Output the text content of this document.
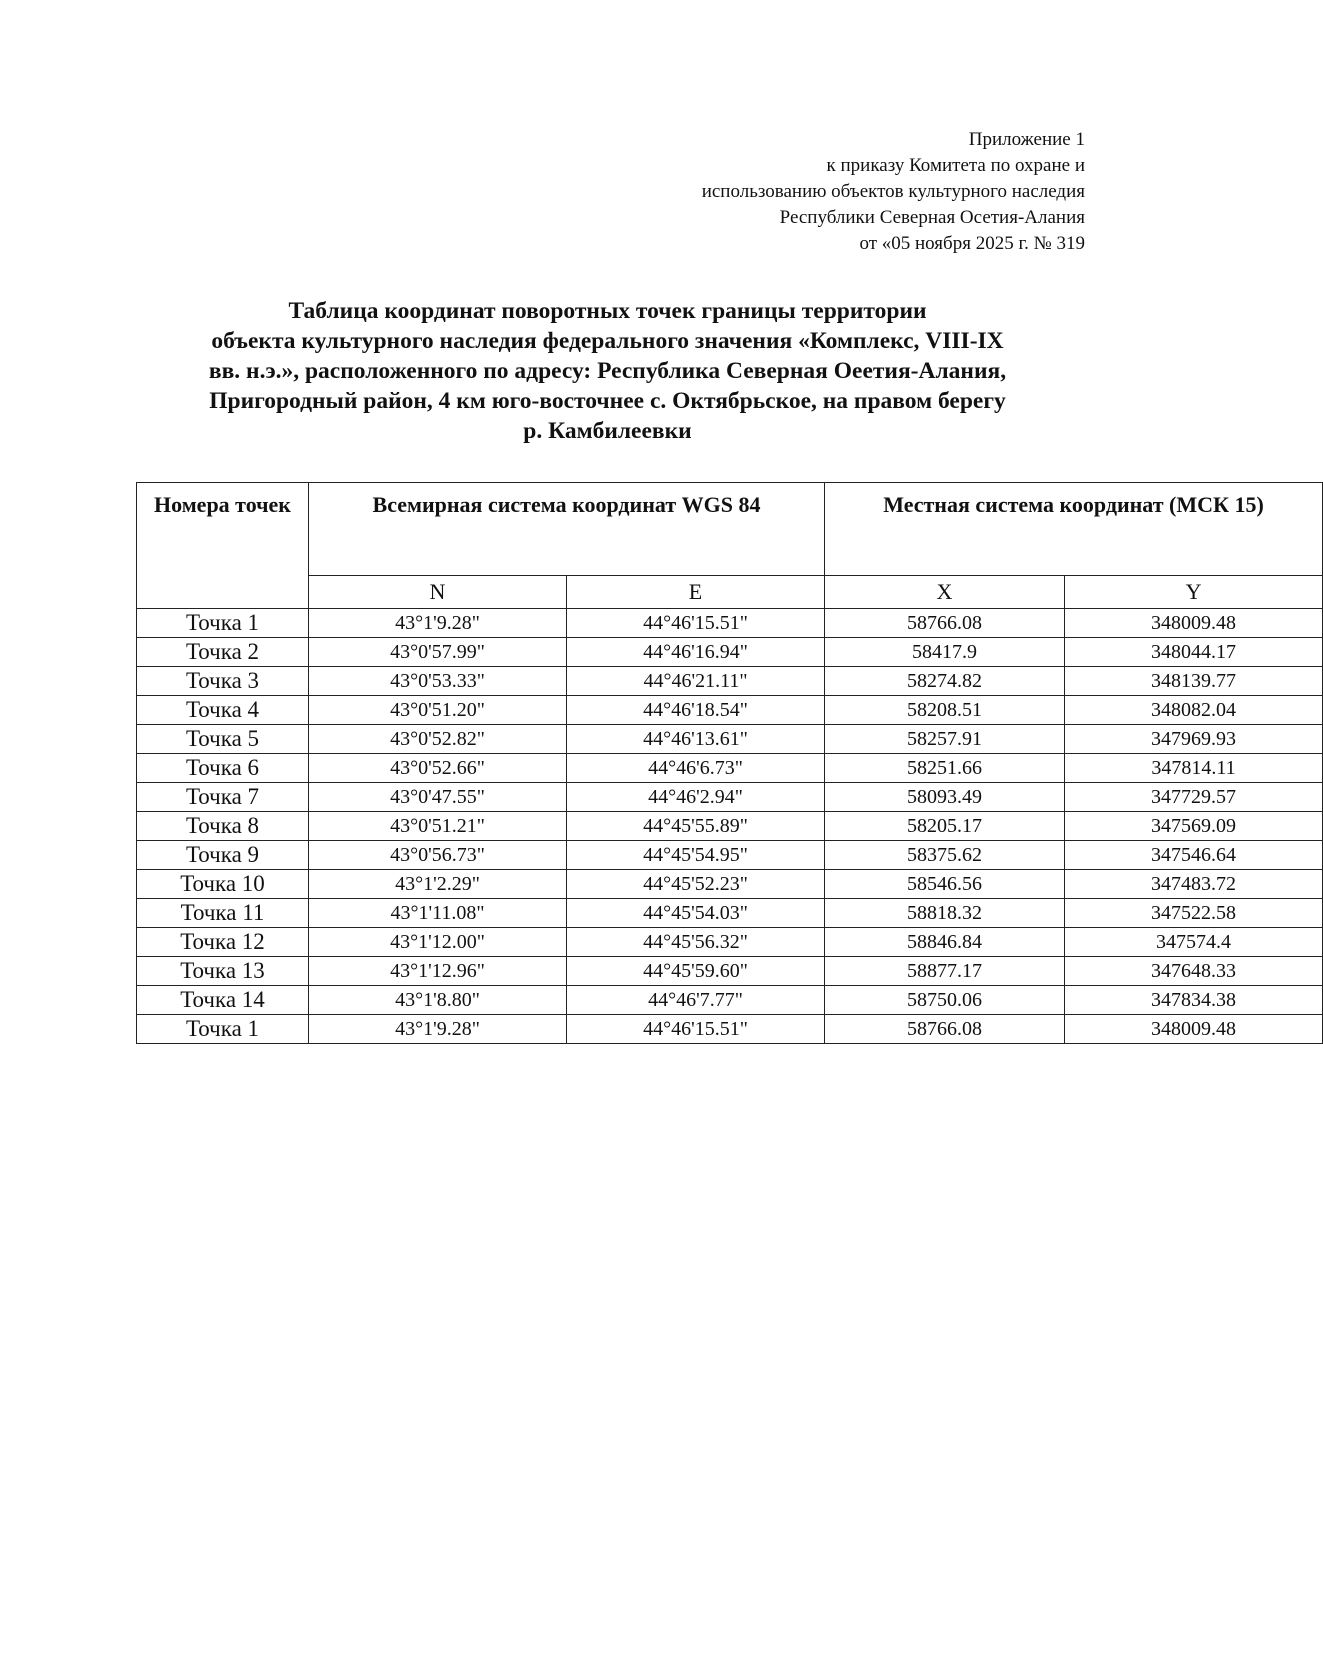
Приложение 1
к приказу Комитета по охране и
использованию объектов культурного наследия
Республики Северная Осетия-Алания
от «05 ноября 2025 г. № 319
Таблица координат поворотных точек границы территории
объекта культурного наследия федерального значения «Комплекс, VIII-IX
вв. н.э.», расположенного по адресу: Республика Северная Оеетия-Алания,
Пригородный район, 4 км юго-восточнее с. Октябрьское, на правом берегу
р. Камбилеевки
Номера точек	Всемирная система координат WGS 84		Местная система координат (МСК 15)	
	N	E	X	Y
Точка 1	43°1'9.28"	44°46'15.51"	58766.08	348009.48
Точка 2	43°0'57.99"	44°46'16.94"	58417.9	348044.17
Точка 3	43°0'53.33"	44°46'21.11"	58274.82	348139.77
Точка 4	43°0'51.20"	44°46'18.54"	58208.51	348082.04
Точка 5	43°0'52.82"	44°46'13.61"	58257.91	347969.93
Точка 6	43°0'52.66"	44°46'6.73"	58251.66	347814.11
Точка 7	43°0'47.55"	44°46'2.94"	58093.49	347729.57
Точка 8	43°0'51.21"	44°45'55.89"	58205.17	347569.09
Точка 9	43°0'56.73"	44°45'54.95"	58375.62	347546.64
Точка 10	43°1'2.29"	44°45'52.23"	58546.56	347483.72
Точка 11	43°1'11.08"	44°45'54.03"	58818.32	347522.58
Точка 12	43°1'12.00"	44°45'56.32"	58846.84	347574.4
Точка 13	43°1'12.96"	44°45'59.60"	58877.17	347648.33
Точка 14	43°1'8.80"	44°46'7.77"	58750.06	347834.38
Точка 1	43°1'9.28"	44°46'15.51"	58766.08	348009.48
